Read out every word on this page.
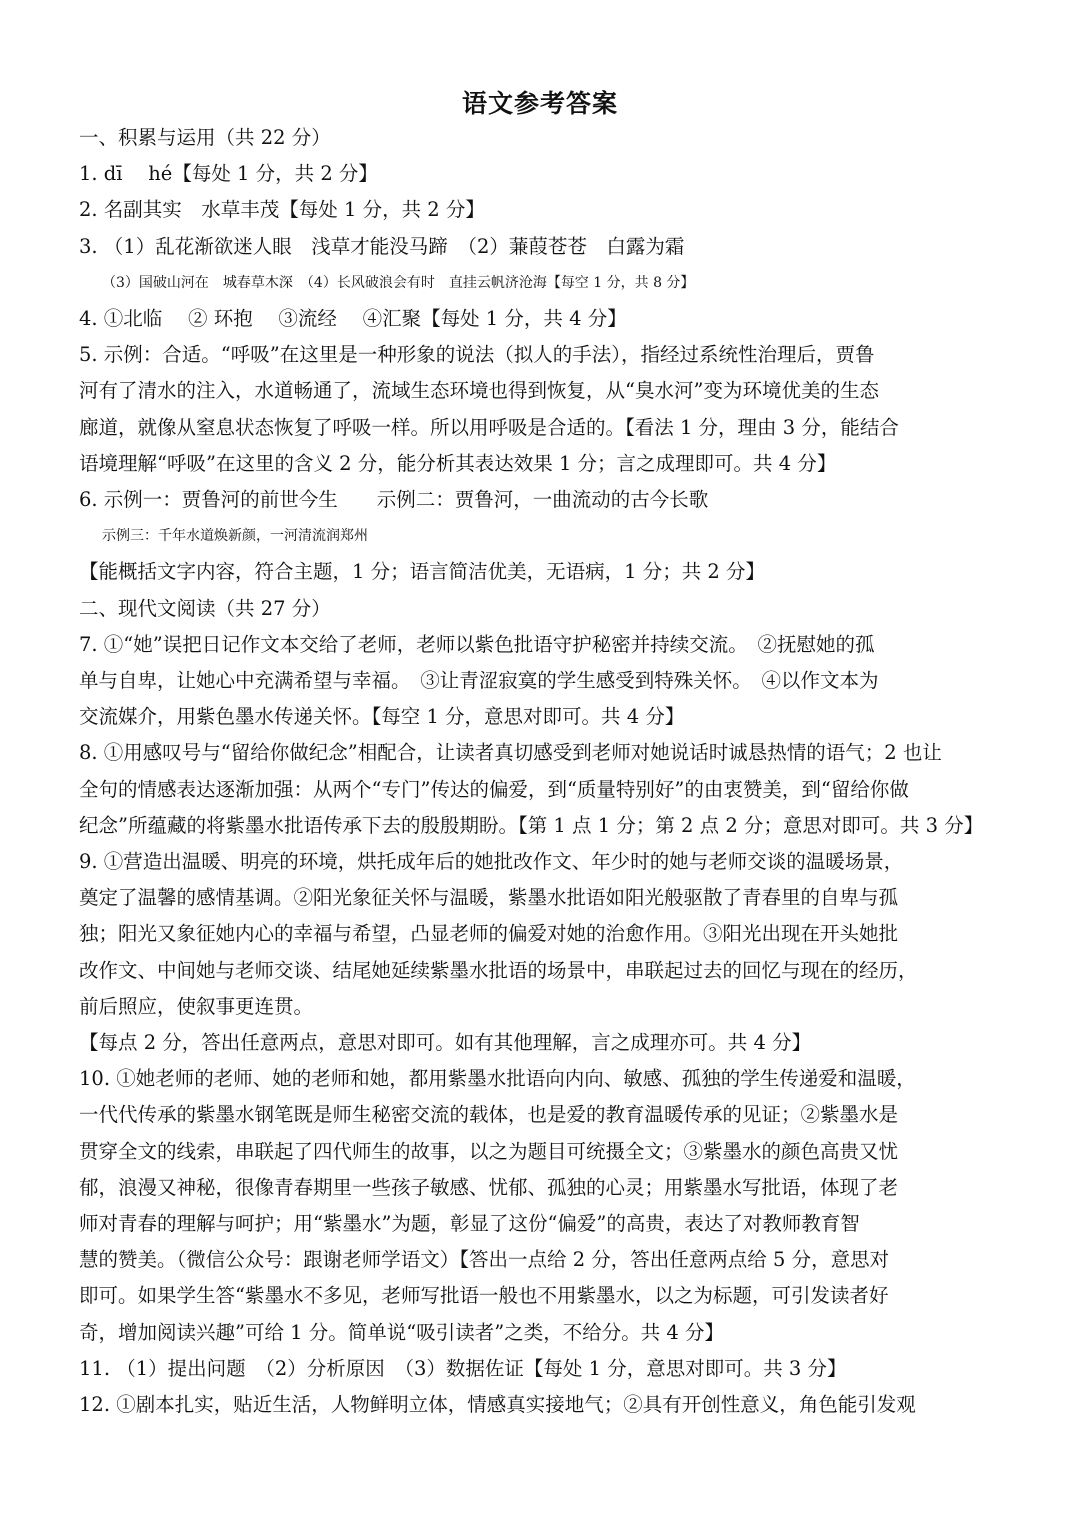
语文参考答案
一、积累与运用（共 22 分）
1. dī　 hé【每处 1 分，共 2 分】
2. 名副其实　水草丰茂【每处 1 分，共 2 分】
3. （1）乱花渐欲迷人眼　浅草才能没马蹄　（2）蒹葭苍苍　白露为霜
（3）国破山河在　城春草木深　（4）长风破浪会有时　直挂云帆济沧海【每空 1 分，共 8 分】
4. ①北临　 ② 环抱　 ③流经　 ④汇聚【每处 1 分，共 4 分】
5. 示例：合适。“呼吸”在这里是一种形象的说法（拟人的手法），指经过系统性治理后，贾鲁
河有了清水的注入，水道畅通了，流域生态环境也得到恢复，从“臭水河”变为环境优美的生态
廊道，就像从窒息状态恢复了呼吸一样。所以用呼吸是合适的。【看法 1 分，理由 3 分，能结合
语境理解“呼吸”在这里的含义 2 分，能分析其表达效果 1 分；言之成理即可。共 4 分】
6. 示例一：贾鲁河的前世今生　　示例二：贾鲁河，一曲流动的古今长歌
示例三：千年水道焕新颜，一河清流润郑州
【能概括文字内容，符合主题，1 分；语言简洁优美，无语病，1 分；共 2 分】
二、现代文阅读（共 27 分）
7. ①“她”误把日记作文本交给了老师，老师以紫色批语守护秘密并持续交流。　②抚慰她的孤
单与自卑，让她心中充满希望与幸福。　③让青涩寂寞的学生感受到特殊关怀。　④以作文本为
交流媒介，用紫色墨水传递关怀。【每空 1 分，意思对即可。共 4 分】
8. ①用感叹号与“留给你做纪念”相配合，让读者真切感受到老师对她说话时诚恳热情的语气；2 也让
全句的情感表达逐渐加强：从两个“专门”传达的偏爱，到“质量特别好”的由衷赞美，到“留给你做
纪念”所蕴藏的将紫墨水批语传承下去的殷殷期盼。【第 1 点 1 分；第 2 点 2 分；意思对即可。共 3 分】
9. ①营造出温暖、明亮的环境，烘托成年后的她批改作文、年少时的她与老师交谈的温暖场景，
奠定了温馨的感情基调。②阳光象征关怀与温暖，紫墨水批语如阳光般驱散了青春里的自卑与孤
独；阳光又象征她内心的幸福与希望，凸显老师的偏爱对她的治愈作用。③阳光出现在开头她批
改作文、中间她与老师交谈、结尾她延续紫墨水批语的场景中，串联起过去的回忆与现在的经历，
前后照应，使叙事更连贯。
【每点 2 分，答出任意两点，意思对即可。如有其他理解，言之成理亦可。共 4 分】
10. ①她老师的老师、她的老师和她，都用紫墨水批语向内向、敏感、孤独的学生传递爱和温暖，
一代代传承的紫墨水钢笔既是师生秘密交流的载体，也是爱的教育温暖传承的见证；②紫墨水是
贯穿全文的线索，串联起了四代师生的故事，以之为题目可统摄全文；③紫墨水的颜色高贵又忧
郁，浪漫又神秘，很像青春期里一些孩子敏感、忧郁、孤独的心灵；用紫墨水写批语，体现了老
师对青春的理解与呵护；用“紫墨水”为题，彰显了这份“偏爱”的高贵，表达了对教师教育智
慧的赞美。（微信公众号：跟谢老师学语文）【答出一点给 2 分，答出任意两点给 5 分，意思对
即可。如果学生答“紫墨水不多见，老师写批语一般也不用紫墨水，以之为标题，可引发读者好
奇，增加阅读兴趣”可给 1 分。简单说“吸引读者”之类，不给分。共 4 分】
11. （1）提出问题　（2）分析原因　（3）数据佐证【每处 1 分，意思对即可。共 3 分】
12. ①剧本扎实，贴近生活，人物鲜明立体，情感真实接地气；②具有开创性意义，角色能引发观
